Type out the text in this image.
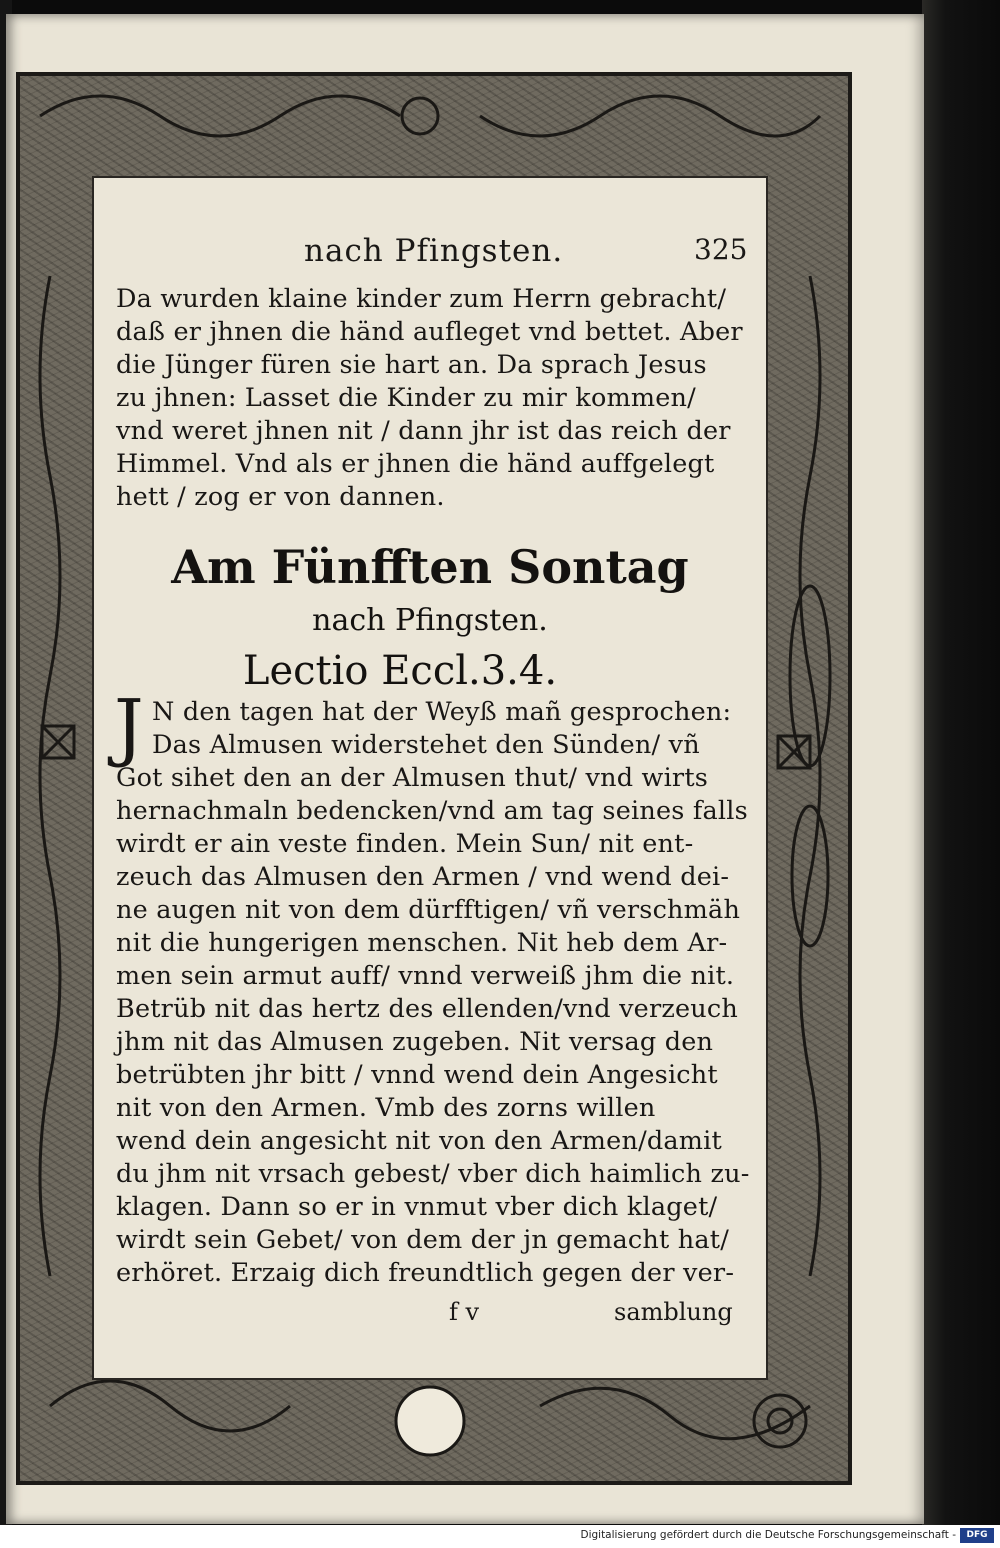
nach Pfingsten.	325
Da wurden klaine kinder zum Herrn gebracht/
daß er jhnen die händ aufleget vnd bettet. Aber
die Jünger füren sie hart an. Da sprach Jesus
zu jhnen: Lasset die Kinder zu mir kommen/
vnd weret jhnen nit / dann jhr ist das reich der
Himmel. Vnd als er jhnen die händ auffgelegt
hett / zog er von dannen.
Am Fünfften Sontag
nach Pfingsten.
Lectio Eccl.3.4.
J N den tagen hat der Weyß mañ gesprochen:
Das Almusen widerstehet den Sünden/ vñ
Got sihet den an der Almusen thut/ vnd wirts
hernachmaln bedencken/vnd am tag seines falls
wirdt er ain veste finden. Mein Sun/ nit ent-
zeuch das Almusen den Armen / vnd wend dei-
ne augen nit von dem dürfftigen/ vñ verschmäh
nit die hungerigen menschen. Nit heb dem Ar-
men sein armut auff/ vnnd verweiß jhm die nit.
Betrüb nit das hertz des ellenden/vnd verzeuch
jhm nit das Almusen zugeben. Nit versag den
betrübten jhr bitt / vnnd wend dein Angesicht
nit von den Armen. Vmb des zorns willen
wend dein angesicht nit von den Armen/damit
du jhm nit vrsach gebest/ vber dich haimlich zu-
klagen. Dann so er in vnmut vber dich klaget/
wirdt sein Gebet/ von dem der jn gemacht hat/
erhöret. Erzaig dich freundtlich gegen der ver-
f v	samblung
Digitalisierung gefördert durch die Deutsche Forschungsgemeinschaft -	DFG
